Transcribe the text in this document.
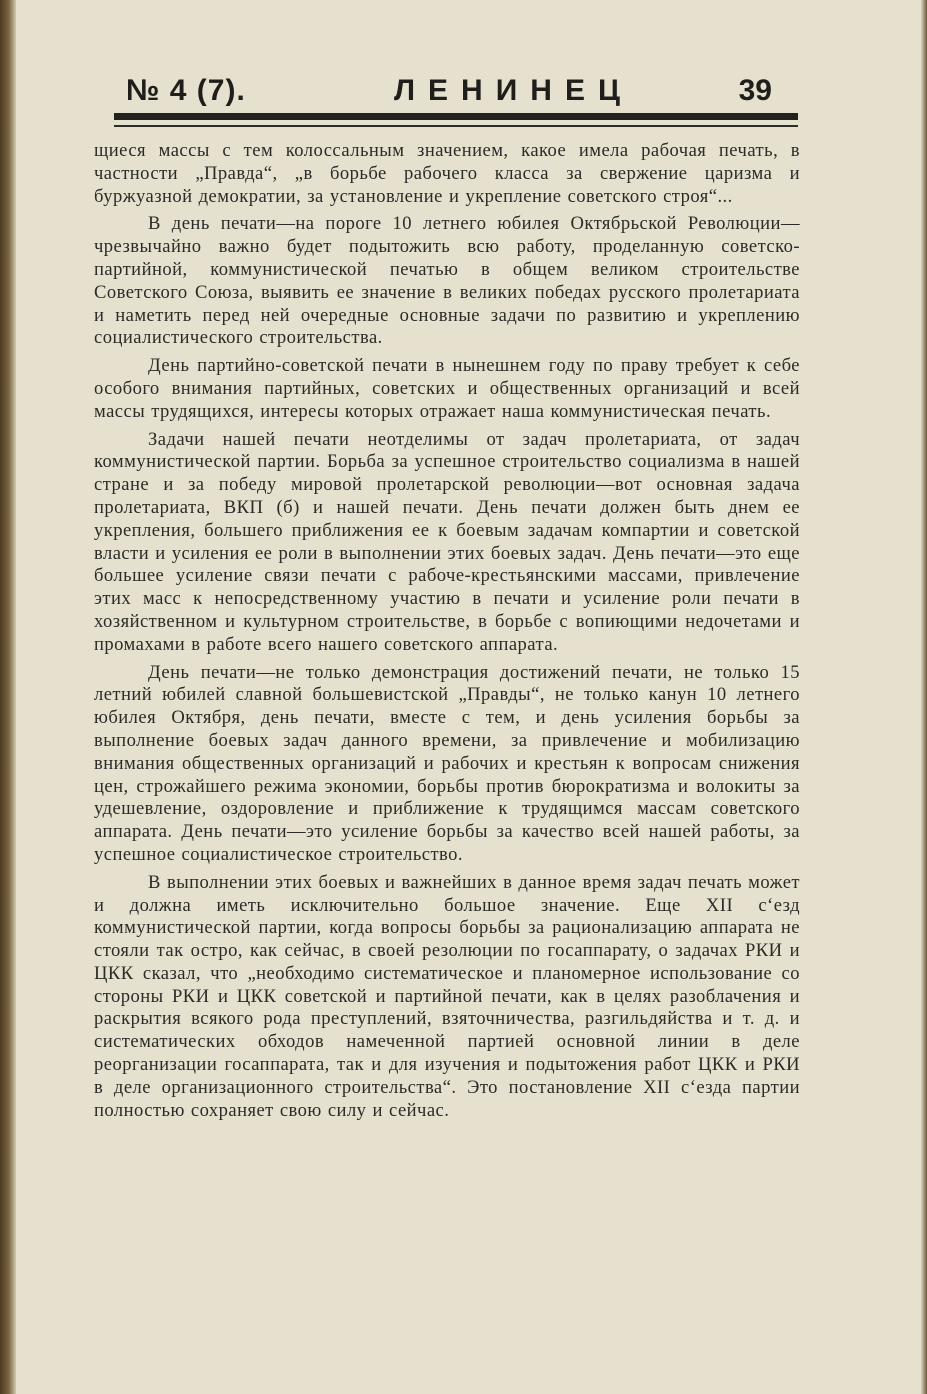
№ 4 (7).	ЛЕНИНЕЦ	39

щиеся массы с тем колоссальным значением, какое имела рабочая печать, в частности „Правда“, „в борьбе рабочего класса за свержение царизма и буржуазной демократии, за установление и укрепление советского строя“...

В день печати—на пороге 10 летнего юбилея Октябрьской Революции—чрезвычайно важно будет подытожить всю работу, проделанную советско-партийной, коммунистической печатью в общем великом строительстве Советского Союза, выявить ее значение в великих победах русского пролетариата и наметить перед ней очередные основные задачи по развитию и укреплению социалистического строительства.

День партийно-советской печати в нынешнем году по праву требует к себе особого внимания партийных, советских и общественных организаций и всей массы трудящихся, интересы которых отражает наша коммунистическая печать.

Задачи нашей печати неотделимы от задач пролетариата, от задач коммунистической партии. Борьба за успешное строительство социализма в нашей стране и за победу мировой пролетарской революции—вот основная задача пролетариата, ВКП (б) и нашей печати. День печати должен быть днем ее укрепления, большего приближения ее к боевым задачам компартии и советской власти и усиления ее роли в выполнении этих боевых задач. День печати—это еще большее усиление связи печати с рабоче-крестьянскими массами, привлечение этих масс к непосредственному участию в печати и усиление роли печати в хозяйственном и культурном строительстве, в борьбе с вопиющими недочетами и промахами в работе всего нашего советского аппарата.

День печати—не только демонстрация достижений печати, не только 15 летний юбилей славной большевистской „Правды“, не только канун 10 летнего юбилея Октября, день печати, вместе с тем, и день усиления борьбы за выполнение боевых задач данного времени, за привлечение и мобилизацию внимания общественных организаций и рабочих и крестьян к вопросам снижения цен, строжайшего режима экономии, борьбы против бюрократизма и волокиты за удешевление, оздоровление и приближение к трудящимся массам советского аппарата. День печати—это усиление борьбы за качество всей нашей работы, за успешное социалистическое строительство.

В выполнении этих боевых и важнейших в данное время задач печать может и должна иметь исключительно большое значение. Еще XII с‘езд коммунистической партии, когда вопросы борьбы за рационализацию аппарата не стояли так остро, как сейчас, в своей резолюции по госаппарату, о задачах РКИ и ЦКК сказал, что „необходимо систематическое и планомерное использование со стороны РКИ и ЦКК советской и партийной печати, как в целях разоблачения и раскрытия всякого рода преступлений, взяточничества, разгильдяйства и т. д. и систематических обходов намеченной партией основной линии в деле реорганизации госаппарата, так и для изучения и подытожения работ ЦКК и РКИ в деле организационного строительства“. Это постановление XII с‘езда партии полностью сохраняет свою силу и сейчас.
